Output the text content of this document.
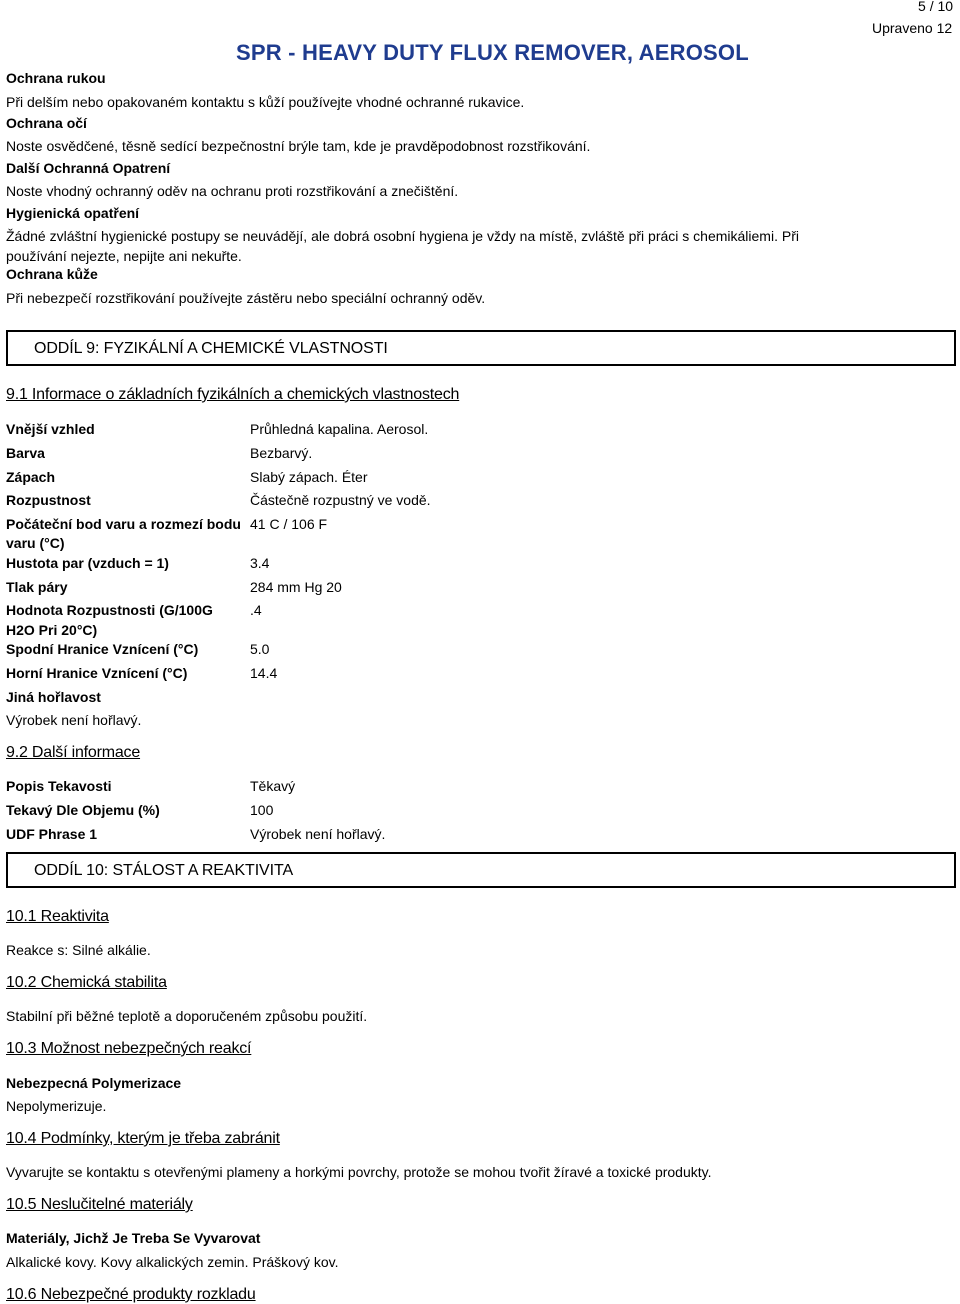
5 / 10
Upraveno 12
SPR - HEAVY DUTY FLUX REMOVER, AEROSOL
Ochrana rukou
Při delším nebo opakovaném kontaktu s kůží používejte vhodné ochranné rukavice.
Ochrana očí
Noste osvědčené, těsně sedící bezpečnostní brýle tam, kde je pravděpodobnost rozstřikování.
Další Ochranná Opatrení
Noste vhodný ochranný oděv na ochranu proti rozstřikování a znečištění.
Hygienická opatření
Žádné zvláštní hygienické postupy se neuvádějí, ale dobrá osobní hygiena je vždy na místě, zvláště při práci s chemikáliemi. Při
používání nejezte, nepijte ani nekuřte.
Ochrana kůže
Při nebezpečí rozstřikování používejte zástěru nebo speciální ochranný oděv.
ODDÍL 9: FYZIKÁLNÍ A CHEMICKÉ VLASTNOSTI
9.1 Informace o základních fyzikálních a chemických vlastnostech
Vnější vzhled	Průhledná kapalina. Aerosol.
Barva	Bezbarvý.
Zápach	Slabý zápach. Éter
Rozpustnost	Částečně rozpustný ve vodě.
Počáteční bod varu a rozmezí bodu
varu (°C)
41 C / 106 F
Hustota par (vzduch = 1)	3.4
Tlak páry	284 mm Hg 20
Hodnota Rozpustnosti (G/100G
H2O Pri 20°C)
.4
Spodní Hranice Vznícení (°C)	5.0
Horní Hranice Vznícení (°C)	14.4
Jiná hořlavost
Výrobek není hořlavý.
9.2 Další informace
Popis Tekavosti	Těkavý
Tekavý Dle Objemu (%)	100
UDF Phrase 1	Výrobek není hořlavý.
ODDÍL 10: STÁLOST A REAKTIVITA
10.1 Reaktivita
Reakce s: Silné alkálie.
10.2 Chemická stabilita
Stabilní při běžné teplotě a doporučeném způsobu použití.
10.3 Možnost nebezpečných reakcí
Nebezpecná Polymerizace
Nepolymerizuje.
10.4 Podmínky, kterým je třeba zabránit
Vyvarujte se kontaktu s otevřenými plameny a horkými povrchy, protože se mohou tvořit žíravé a toxické produkty.
10.5 Neslučitelné materiály
Materiály, Jichž Je Treba Se Vyvarovat
Alkalické kovy. Kovy alkalických zemin. Práškový kov.
10.6 Nebezpečné produkty rozkladu
